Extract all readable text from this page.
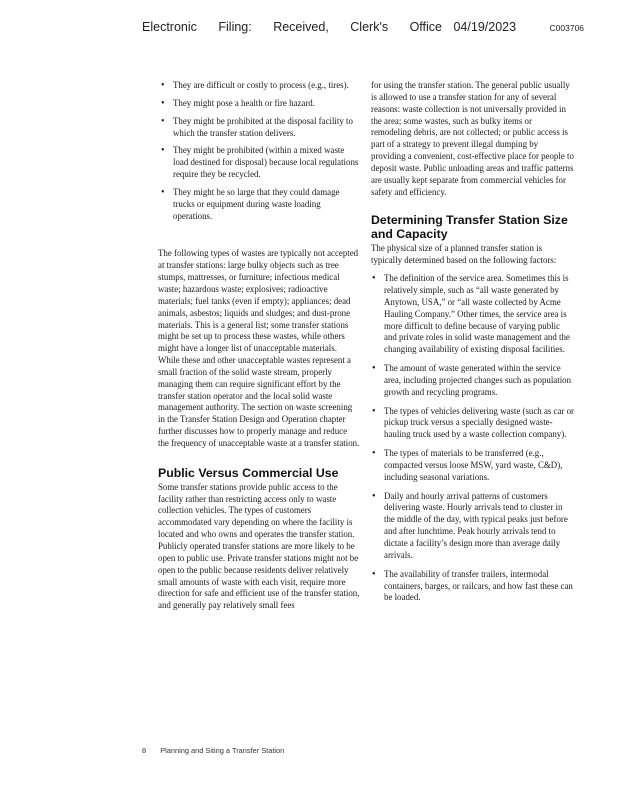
Electronic Filing: Received, Clerk's Office 04/19/2023	C003706
• They are difficult or costly to process (e.g., tires).
• They might pose a health or fire hazard.
• They might be prohibited at the disposal facility to which the transfer station delivers.
• They might be prohibited (within a mixed waste load destined for disposal) because local regulations require they be recycled.
• They might be so large that they could damage trucks or equipment during waste loading operations.

The following types of wastes are typically not accepted at transfer stations: large bulky objects such as tree stumps, mattresses, or furniture; infectious medical waste; hazardous waste; explosives; radioactive materials; fuel tanks (even if empty); appliances; dead animals, asbestos; liquids and sludges; and dust-prone materials. This is a general list; some transfer stations might be set up to process these wastes, while others might have a longer list of unacceptable materials. While these and other unacceptable wastes represent a small fraction of the solid waste stream, properly managing them can require significant effort by the transfer station operator and the local solid waste management authority. The section on waste screening in the Transfer Station Design and Operation chapter further discusses how to properly manage and reduce the frequency of unacceptable waste at a transfer station.

Public Versus Commercial Use

Some transfer stations provide public access to the facility rather than restricting access only to waste collection vehicles. The types of customers accommodated vary depending on where the facility is located and who owns and operates the transfer station. Publicly operated transfer stations are more likely to be open to public use. Private transfer stations might not be open to the public because residents deliver relatively small amounts of waste with each visit, require more direction for safe and efficient use of the transfer station, and generally pay relatively small fees

for using the transfer station. The general public usually is allowed to use a transfer station for any of several reasons: waste collection is not universally provided in the area; some wastes, such as bulky items or remodeling debris, are not collected; or public access is part of a strategy to prevent illegal dumping by providing a convenient, cost-effective place for people to deposit waste. Public unloading areas and traffic patterns are usually kept separate from commercial vehicles for safety and efficiency.

Determining Transfer Station Size and Capacity

The physical size of a planned transfer station is typically determined based on the following factors:

• The definition of the service area. Sometimes this is relatively simple, such as “all waste generated by Anytown, USA,” or “all waste collected by Acme Hauling Company.” Other times, the service area is more difficult to define because of varying public and private roles in solid waste management and the changing availability of existing disposal facilities.
• The amount of waste generated within the service area, including projected changes such as population growth and recycling programs.
• The types of vehicles delivering waste (such as car or pickup truck versus a specially designed waste-hauling truck used by a waste collection company).
• The types of materials to be transferred (e.g., compacted versus loose MSW, yard waste, C&D), including seasonal variations.
• Daily and hourly arrival patterns of customers delivering waste. Hourly arrivals tend to cluster in the middle of the day, with typical peaks just before and after lunchtime. Peak hourly arrivals tend to dictate a facility’s design more than average daily arrivals.
• The availability of transfer trailers, intermodal containers, barges, or railcars, and how fast these can be loaded.
8 Planning and Siting a Transfer Station
